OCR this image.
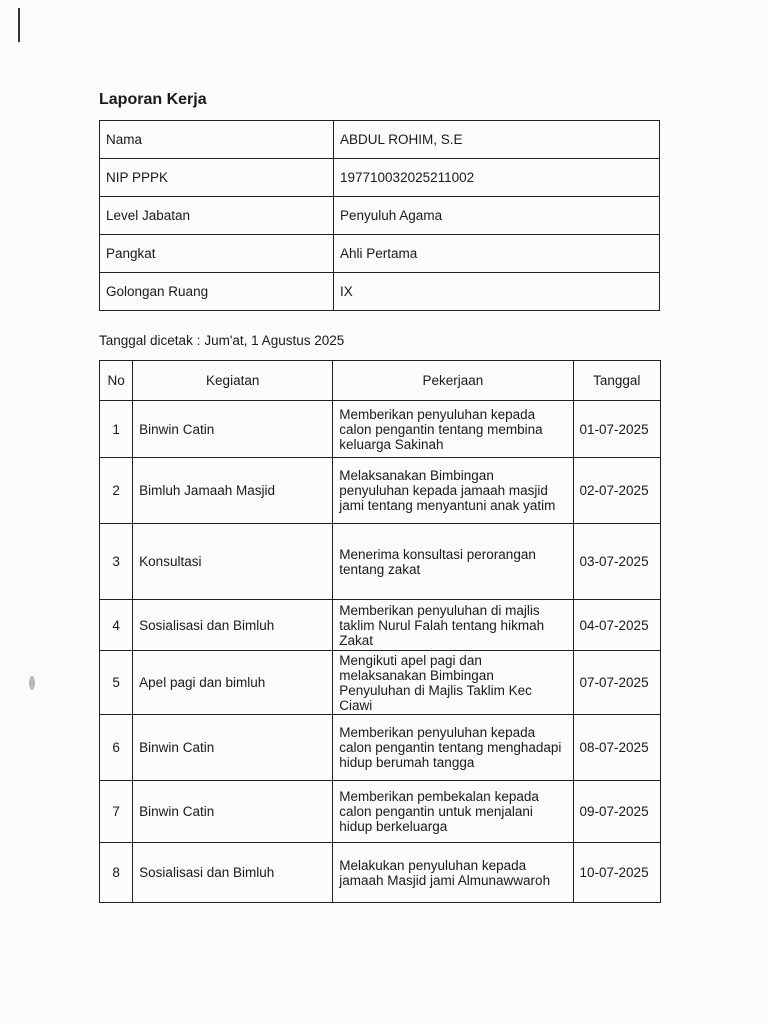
Laporan Kerja
Nama	ABDUL ROHIM, S.E
NIP PPPK	197710032025211002
Level Jabatan	Penyuluh Agama
Pangkat	Ahli Pertama
Golongan Ruang	IX
Tanggal dicetak : Jum'at, 1 Agustus 2025
No	Kegiatan	Pekerjaan	Tanggal
1	Binwin Catin	Memberikan penyuluhan kepada calon pengantin tentang membina keluarga Sakinah	01-07-2025
2	Bimluh Jamaah Masjid	Melaksanakan Bimbingan penyuluhan kepada jamaah masjid jami tentang menyantuni anak yatim	02-07-2025
3	Konsultasi	Menerima konsultasi perorangan tentang zakat	03-07-2025
4	Sosialisasi dan Bimluh	Memberikan penyuluhan di majlis taklim Nurul Falah tentang hikmah Zakat	04-07-2025
5	Apel pagi dan bimluh	Mengikuti apel pagi dan melaksanakan Bimbingan Penyuluhan di Majlis Taklim Kec Ciawi	07-07-2025
6	Binwin Catin	Memberikan penyuluhan kepada calon pengantin tentang menghadapi hidup berumah tangga	08-07-2025
7	Binwin Catin	Memberikan pembekalan kepada calon pengantin untuk menjalani hidup berkeluarga	09-07-2025
8	Sosialisasi dan Bimluh	Melakukan penyuluhan kepada jamaah Masjid jami Almunawwaroh	10-07-2025
